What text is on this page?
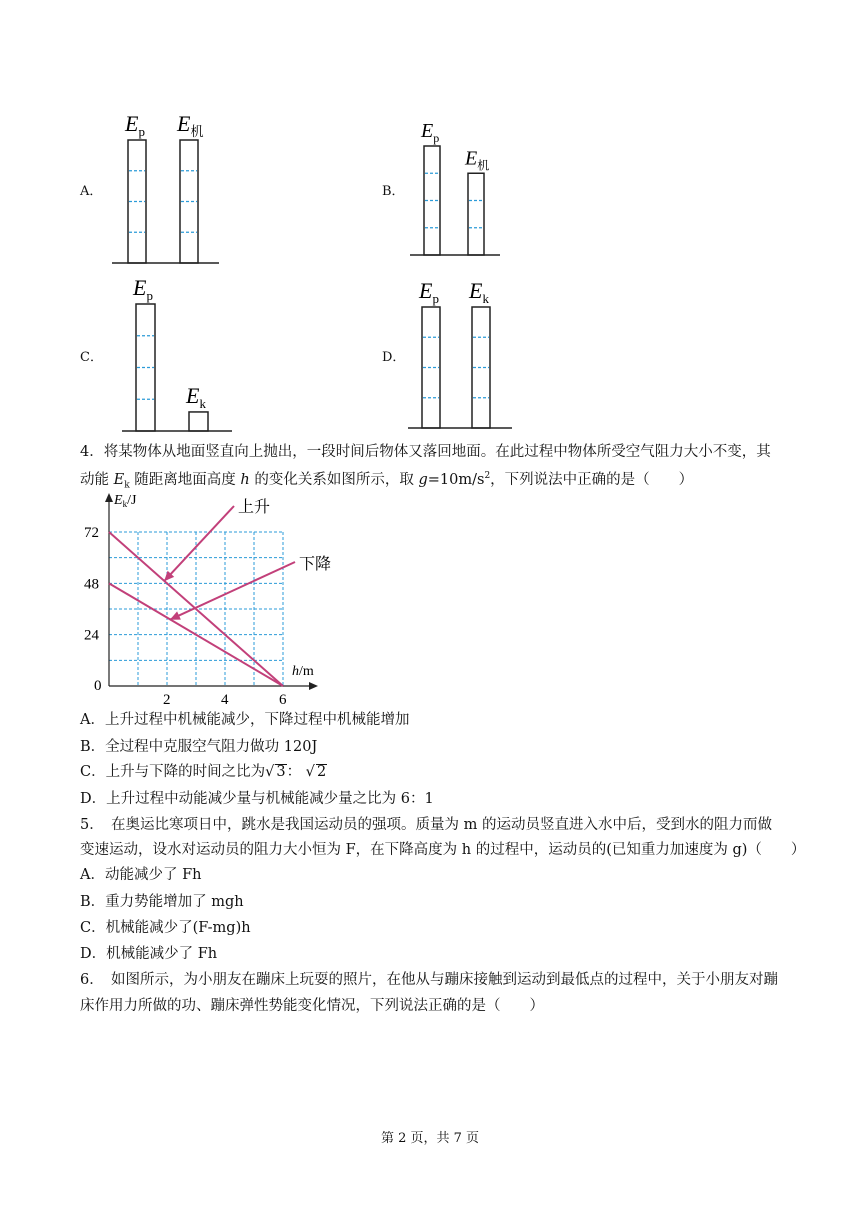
A．	B．
C．	D．
$E_p$ $E_机$	$E_p$
$E_机$
$E_p$
$E_k$
$E_p$ $E_k$
4．将某物体从地面竖直向上抛出，一段时间后物体又落回地面。在此过程中物体所受空气阻力大小不变，其
动能 $E_k$ 随距离地面高度 h 的变化关系如图所示，取 $g=10m/s^2$，下列说法中正确的是（　　）
2	4	6
24
48
72
0
$E_k/J$
h/m
上升
下降
A．上升过程中机械能减少，下降过程中机械能增加
B．全过程中克服空气阻力做功 120J
C．上升与下降的时间之比为√ 3： √ 2
D．上升过程中动能减少量与机械能减少量之比为 6：1
5．　 在奥运比寒项日中，跳水是我国运动员的强项。质量为 m 的运动员竖直进入水中后，受到水的阻力而做
变速运动，设水对运动员的阻力大小恒为 F，在下降高度为 h 的过程中，运动员的(已知重力加速度为 g)（　　）
A．动能减少了 Fh
B．重力势能增加了 mgh
C．机械能减少了(F-mg)h
D．机械能减少了 Fh
6．　 如图所示，为小朋友在蹦床上玩耍的照片，在他从与蹦床接触到运动到最低点的过程中，关于小朋友对蹦
床作用力所做的功、蹦床弹性势能变化情况，下列说法正确的是（　　）
第 2 页，共 7 页
